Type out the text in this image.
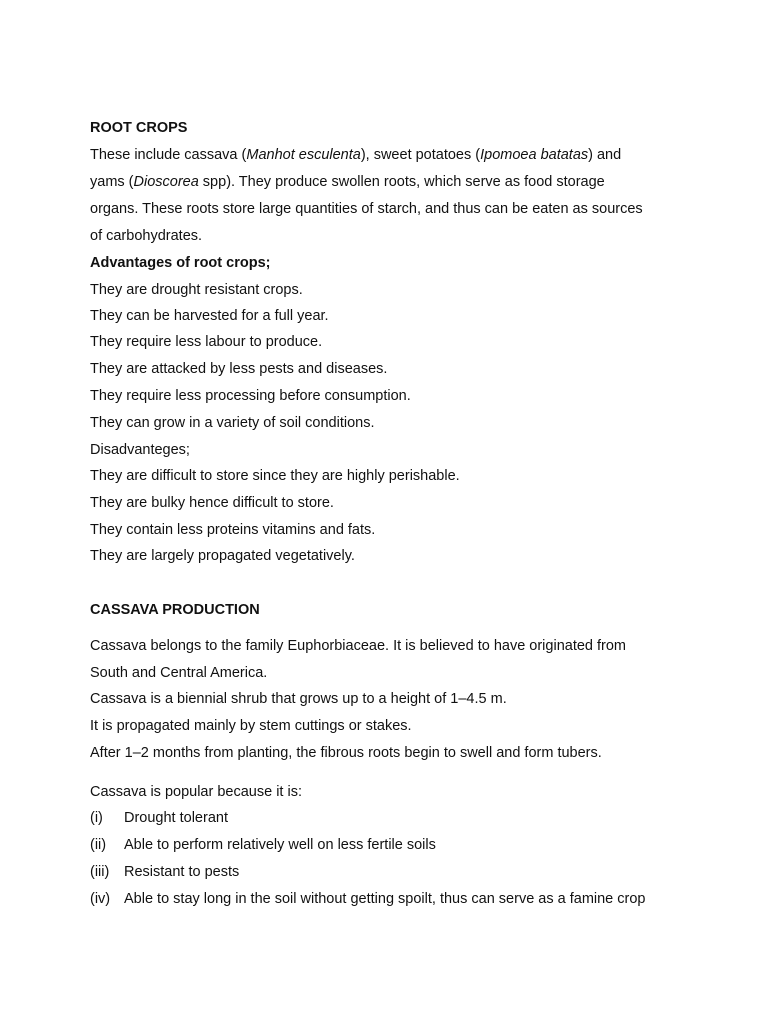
ROOT CROPS
These include cassava (Manhot esculenta), sweet potatoes (Ipomoea batatas) and
yams (Dioscorea spp). They produce swollen roots, which serve as food storage
organs. These roots store large quantities of starch, and thus can be eaten as sources
of carbohydrates.
Advantages of root crops;
They are drought resistant crops.
They can be harvested for a full year.
They require less labour to produce.
They are attacked by less pests and diseases.
They require less processing before consumption.
They can grow in a variety of soil conditions.
Disadvanteges;
They are difficult to store since they are highly perishable.
They are bulky hence difficult to store.
They contain less proteins vitamins and fats.
They are largely propagated vegetatively.
CASSAVA PRODUCTION
Cassava belongs to the family Euphorbiaceae. It is believed to have originated from
South and Central America.
Cassava is a biennial shrub that grows up to a height of 1–4.5 m.
It is propagated mainly by stem cuttings or stakes.
After 1–2 months from planting, the fibrous roots begin to swell and form tubers.
Cassava is popular because it is:
(i) Drought tolerant
(ii) Able to perform relatively well on less fertile soils
(iii) Resistant to pests
(iv) Able to stay long in the soil without getting spoilt, thus can serve as a famine crop
